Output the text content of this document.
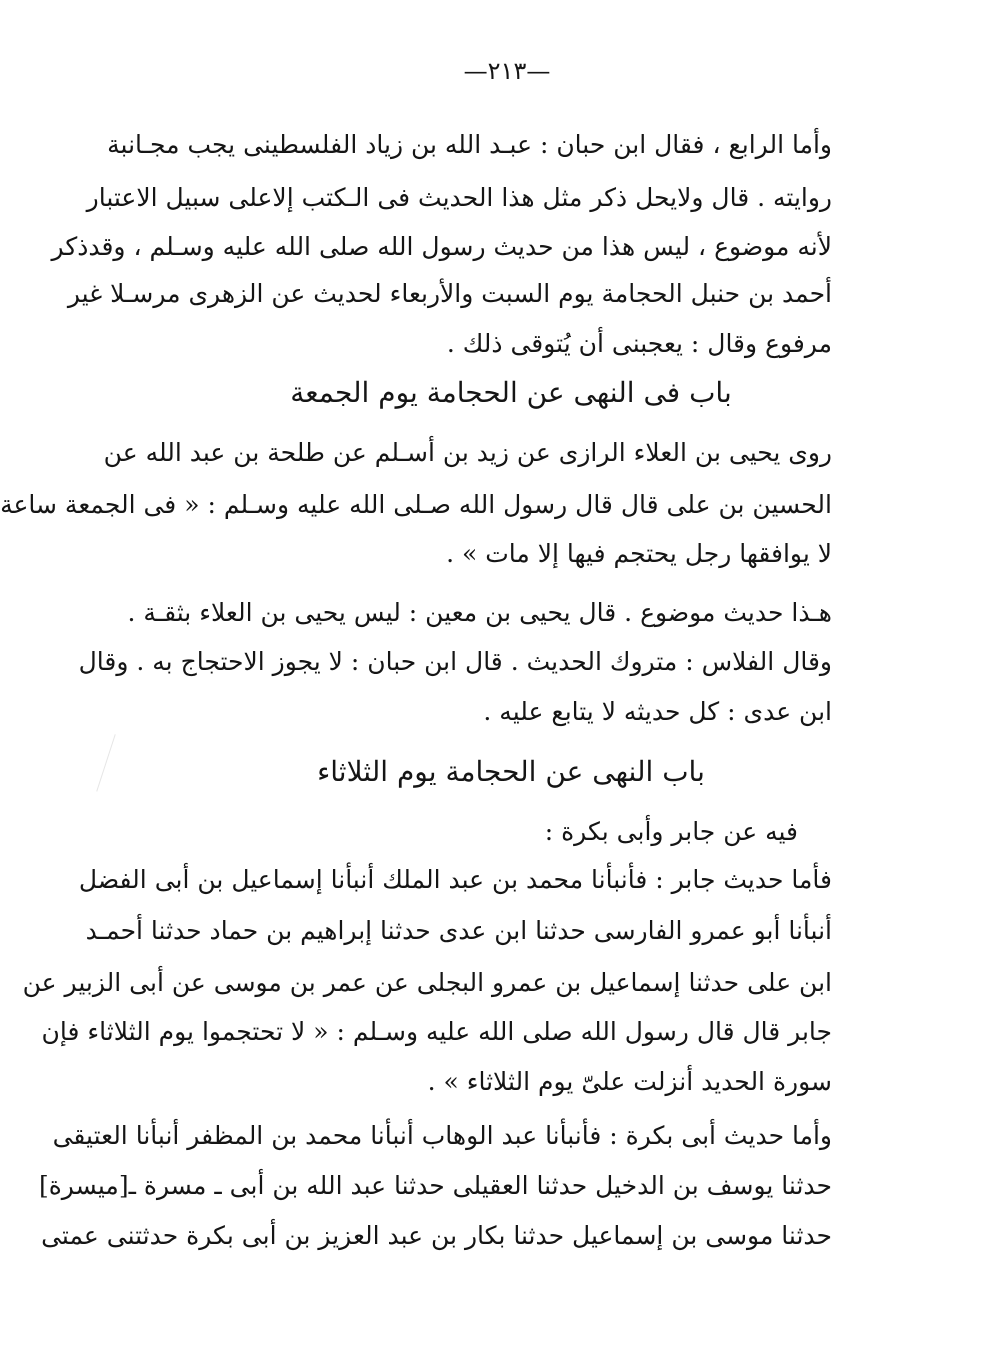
—٢١٣—
وأما الرابع ، فقال ابن حبان : عبـد الله بن زياد الفلسطينى يجب مجـانبة
روايته . قال ولايحل ذكر مثل هذا الحديث فى الـكتب إلاعلى سبيل الاعتبار
لأنه موضوع ، ليس هذا من حديث رسول الله صلى الله عليه وسـلم ، وقدذكر
أحمد بن حنبل الحجامة يوم السبت والأربعاء لحديث عن الزهرى مرسـلا غير
مرفوع وقال : يعجبنى أن يُتوقى ذلك .
باب فى النهى عن الحجامة يوم الجمعة
روى يحيى بن العلاء الرازى عن زيد بن أسـلم عن طلحة بن عبد الله عن
الحسين بن على قال قال رسول الله صـلى الله عليه وسـلم : « فى الجمعة ساعة
لا يوافقها رجل يحتجم فيها إلا مات » .
هـذا حديث موضوع . قال يحيى بن معين : ليس يحيى بن العلاء بثقـة .
وقال الفلاس : متروك الحديث . قال ابن حبان : لا يجوز الاحتجاج به . وقال
ابن عدى : كل حديثه لا يتابع عليه .
باب النهى عن الحجامة يوم الثلاثاء
فيه عن جابر وأبى بكرة :
فأما حديث جابر : فأنبأنا محمد بن عبد الملك أنبأنا إسماعيل بن أبى الفضل
أنبأنا أبو عمرو الفارسى حدثنا ابن عدى حدثنا إبراهيم بن حماد حدثنا أحمـد
ابن على حدثنا إسماعيل بن عمرو البجلى عن عمر بن موسى عن أبى الزبير عن
جابر قال قال رسول الله صلى الله عليه وسـلم : « لا تحتجموا يوم الثلاثاء فإن
سورة الحديد أنزلت علىّ يوم الثلاثاء » .
وأما حديث أبى بكرة : فأنبأنا عبد الوهاب أنبأنا محمد بن المظفر أنبأنا العتيقى
حدثنا يوسف بن الدخيل حدثنا العقيلى حدثنا عبد الله بن أبى ـ مسرة ـ[ميسرة]
حدثنا موسى بن إسماعيل حدثنا بكار بن عبد العزيز بن أبى بكرة حدثتنى عمتى
